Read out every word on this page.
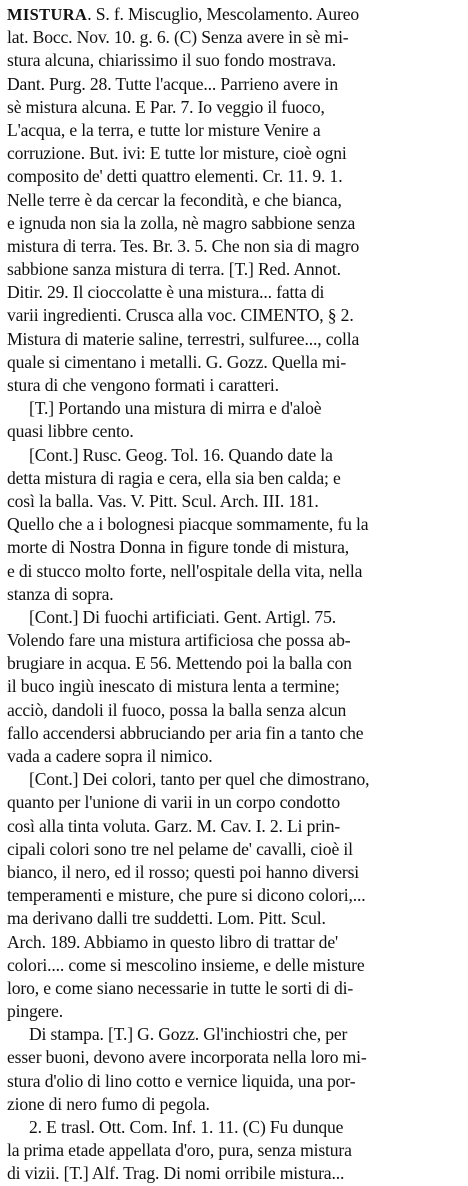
MISTURA. S. f. Miscuglio, Mescolamento. Aureo
lat. Bocc. Nov. 10. g. 6. (C) Senza avere in sè mi-
stura alcuna, chiarissimo il suo fondo mostrava.
Dant. Purg. 28. Tutte l'acque... Parrieno avere in
sè mistura alcuna. E Par. 7. Io veggio il fuoco,
L'acqua, e la terra, e tutte lor misture Venire a
corruzione. But. ivi: E tutte lor misture, cioè ogni
composito de' detti quattro elementi. Cr. 11. 9. 1.
Nelle terre è da cercar la fecondità, e che bianca,
e ignuda non sia la zolla, nè magro sabbione senza
mistura di terra. Tes. Br. 3. 5. Che non sia di magro
sabbione sanza mistura di terra. [T.] Red. Annot.
Ditir. 29. Il cioccolatte è una mistura... fatta di
varii ingredienti. Crusca alla voc. CIMENTO, § 2.
Mistura di materie saline, terrestri, sulfuree..., colla
quale si cimentano i metalli. G. Gozz. Quella mi-
stura di che vengono formati i caratteri.
[T.] Portando una mistura di mirra e d'aloè
quasi libbre cento.
[Cont.] Rusc. Geog. Tol. 16. Quando date la
detta mistura di ragia e cera, ella sia ben calda; e
così la balla. Vas. V. Pitt. Scul. Arch. III. 181.
Quello che a i bolognesi piacque sommamente, fu la
morte di Nostra Donna in figure tonde di mistura,
e di stucco molto forte, nell'ospitale della vita, nella
stanza di sopra.
[Cont.] Di fuochi artificiati. Gent. Artigl. 75.
Volendo fare una mistura artificiosa che possa ab-
brugiare in acqua. E 56. Mettendo poi la balla con
il buco ingiù inescato di mistura lenta a termine;
acciò, dandoli il fuoco, possa la balla senza alcun
fallo accendersi abbruciando per aria fin a tanto che
vada a cadere sopra il nimico.
[Cont.] Dei colori, tanto per quel che dimostrano,
quanto per l'unione di varii in un corpo condotto
così alla tinta voluta. Garz. M. Cav. I. 2. Li prin-
cipali colori sono tre nel pelame de' cavalli, cioè il
bianco, il nero, ed il rosso; questi poi hanno diversi
temperamenti e misture, che pure si dicono colori,...
ma derivano dalli tre suddetti. Lom. Pitt. Scul.
Arch. 189. Abbiamo in questo libro di trattar de'
colori.... come si mescolino insieme, e delle misture
loro, e come siano necessarie in tutte le sorti di di-
pingere.
Di stampa. [T.] G. Gozz. Gl'inchiostri che, per
esser buoni, devono avere incorporata nella loro mi-
stura d'olio di lino cotto e vernice liquida, una por-
zione di nero fumo di pegola.
2. E trasl. Ott. Com. Inf. 1. 11. (C) Fu dunque
la prima etade appellata d'oro, pura, senza mistura
di vizii. [T.] Alf. Trag. Di nomi orribile mistura...
